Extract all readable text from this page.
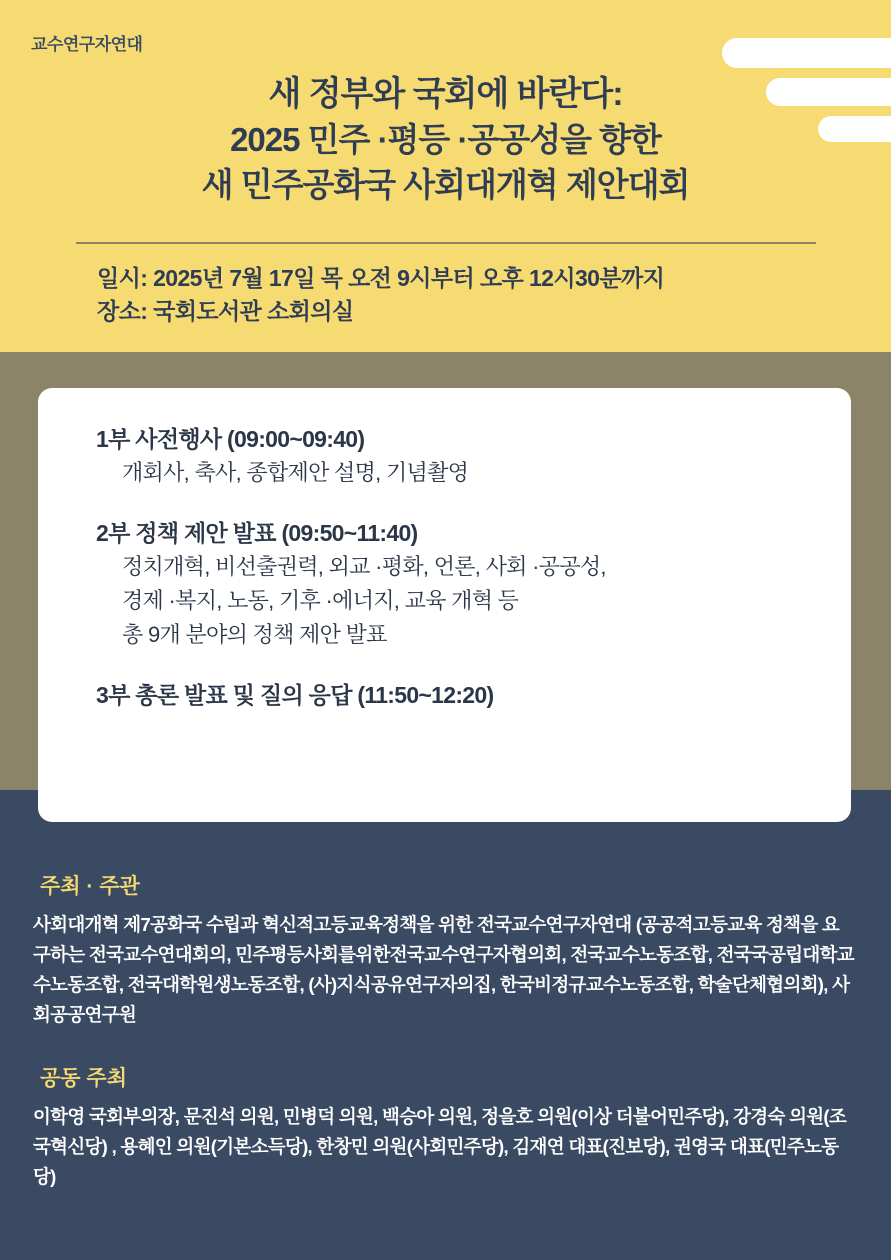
교수연구자연대
새 정부와 국회에 바란다:
2025 민주 ·평등 ·공공성을 향한
새 민주공화국 사회대개혁 제안대회
일시: 2025년 7월 17일 목 오전 9시부터 오후 12시30분까지
장소: 국회도서관 소회의실
1부 사전행사 (09:00~09:40)
개회사, 축사, 종합제안 설명, 기념촬영
2부 정책 제안 발표 (09:50~11:40)
정치개혁, 비선출권력, 외교 ·평화, 언론, 사회 ·공공성,
경제 ·복지, 노동, 기후 ·에너지, 교육 개혁 등
총 9개 분야의 정책 제안 발표
3부 총론 발표 및 질의 응답 (11:50~12:20)
주최 · 주관
사회대개혁 제7공화국 수립과 혁신적고등교육정책을 위한 전국교수연구자연대 (공공적고등교육 정책을 요구하는 전국교수연대회의, 민주평등사회를위한전국교수연구자협의회, 전국교수노동조합, 전국국공립대학교수노동조합, 전국대학원생노동조합, (사)지식공유연구자의집, 한국비정규교수노동조합, 학술단체협의회), 사회공공연구원
공동 주최
이학영 국회부의장, 문진석 의원, 민병덕 의원, 백승아 의원, 정을호 의원(이상 더불어민주당), 강경숙 의원(조국혁신당) , 용혜인 의원(기본소득당), 한창민 의원(사회민주당), 김재연 대표(진보당), 권영국 대표(민주노동당)
